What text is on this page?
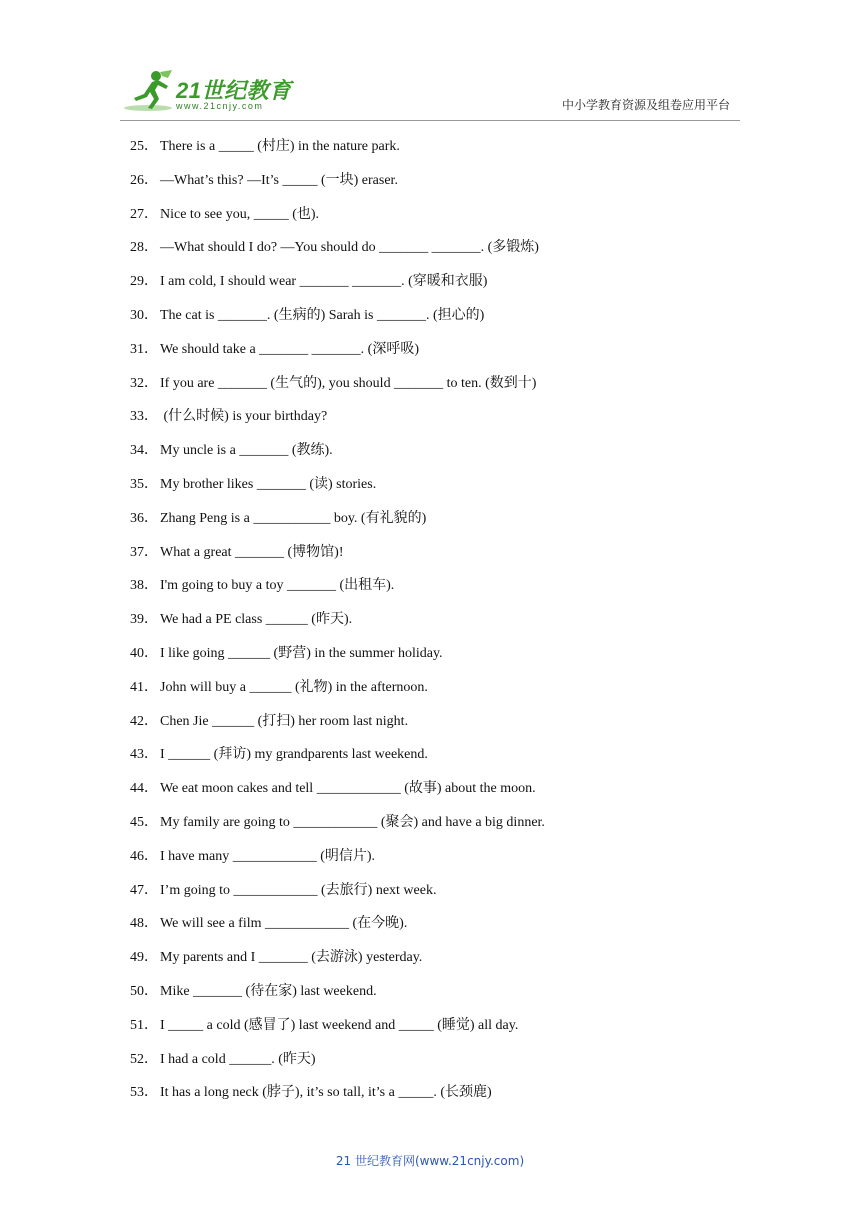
21世纪教育
www.21cnjy.com	中小学教育资源及组卷应用平台
25． There is a _____ (村庄) in the nature park.
26． —What’s this? —It’s _____ (一块) eraser.
27． Nice to see you, _____ (也).
28． —What should I do? —You should do _______ _______. (多锻炼)
29． I am cold, I should wear _______ _______. (穿暖和衣服)
30． The cat is _______. (生病的) Sarah is _______. (担心的)
31． We should take a _______ _______. (深呼吸)
32． If you are _______ (生气的), you should _______ to ten. (数到十)
33． (什么时候) is your birthday?
34． My uncle is a _______ (教练).
35． My brother likes _______ (读) stories.
36． Zhang Peng is a ___________ boy. (有礼貌的)
37． What a great _______ (博物馆)!
38． I'm going to buy a toy _______ (出租车).
39． We had a PE class ______ (昨天).
40． I like going ______ (野营) in the summer holiday.
41． John will buy a ______ (礼物) in the afternoon.
42． Chen Jie ______ (打扫) her room last night.
43． I ______ (拜访) my grandparents last weekend.
44． We eat moon cakes and tell ____________ (故事) about the moon.
45． My family are going to ____________ (聚会) and have a big dinner.
46． I have many ____________ (明信片).
47． I’m going to ____________ (去旅行) next week.
48． We will see a film ____________ (在今晚).
49． My parents and I _______ (去游泳) yesterday.
50． Mike _______ (待在家) last weekend.
51． I _____ a cold (感冒了) last weekend and _____ (睡觉) all day.
52． I had a cold ______. (昨天)
53． It has a long neck (脖子), it’s so tall, it’s a _____. (长颈鹿)
21 世纪教育网(www.21cnjy.com)
